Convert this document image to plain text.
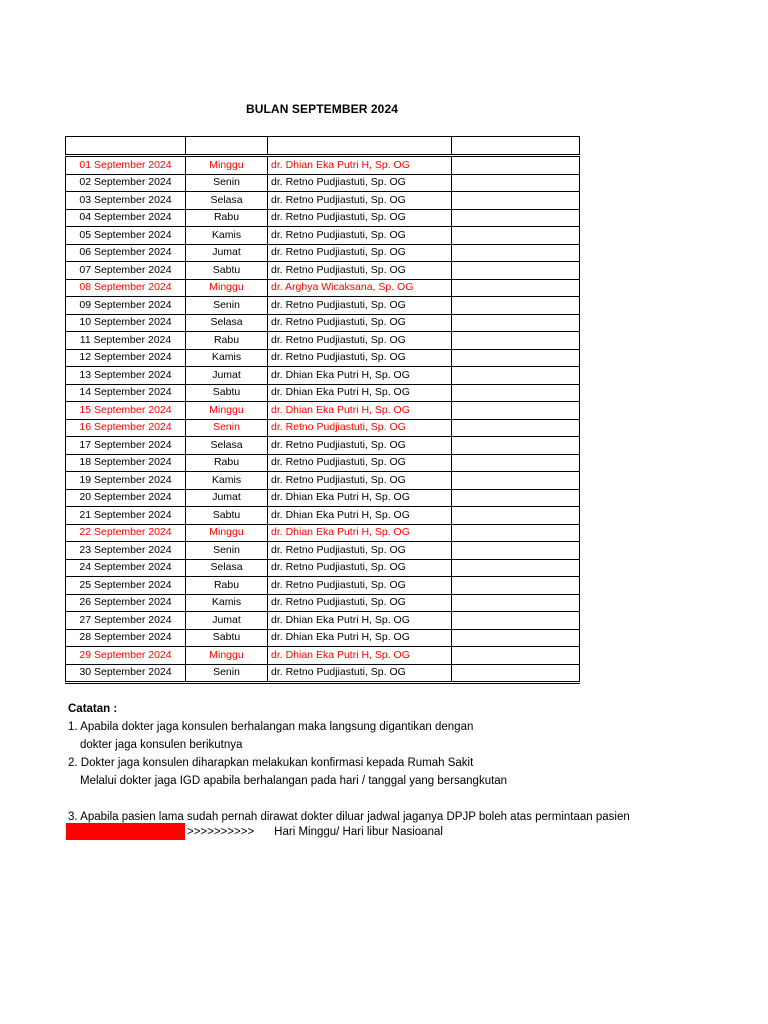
BULAN SEPTEMBER 2024

01 September 2024	Minggu	dr. Dhian Eka Putri H, Sp. OG	
02 September 2024	Senin	dr. Retno Pudjiastuti, Sp. OG	
03 September 2024	Selasa	dr. Retno Pudjiastuti, Sp. OG	
04 September 2024	Rabu	dr. Retno Pudjiastuti, Sp. OG	
05 September 2024	Kamis	dr. Retno Pudjiastuti, Sp. OG	
06 September 2024	Jumat	dr. Retno Pudjiastuti, Sp. OG	
07 September 2024	Sabtu	dr. Retno Pudjiastuti, Sp. OG	
08 September 2024	Minggu	dr. Arghya Wicaksana, Sp. OG	
09 September 2024	Senin	dr. Retno Pudjiastuti, Sp. OG	
10 September 2024	Selasa	dr. Retno Pudjiastuti, Sp. OG	
11 September 2024	Rabu	dr. Retno Pudjiastuti, Sp. OG	
12 September 2024	Kamis	dr. Retno Pudjiastuti, Sp. OG	
13 September 2024	Jumat	dr. Dhian Eka Putri H, Sp. OG	
14 September 2024	Sabtu	dr. Dhian Eka Putri H, Sp. OG	
15 September 2024	Minggu	dr. Dhian Eka Putri H, Sp. OG	
16 September 2024	Senin	dr. Retno Pudjiastuti, Sp. OG	
17 September 2024	Selasa	dr. Retno Pudjiastuti, Sp. OG	
18 September 2024	Rabu	dr. Retno Pudjiastuti, Sp. OG	
19 September 2024	Kamis	dr. Retno Pudjiastuti, Sp. OG	
20 September 2024	Jumat	dr. Dhian Eka Putri H, Sp. OG	
21 September 2024	Sabtu	dr. Dhian Eka Putri H, Sp. OG	
22 September 2024	Minggu	dr. Dhian Eka Putri H, Sp. OG	
23 September 2024	Senin	dr. Retno Pudjiastuti, Sp. OG	
24 September 2024	Selasa	dr. Retno Pudjiastuti, Sp. OG	
25 September 2024	Rabu	dr. Retno Pudjiastuti, Sp. OG	
26 September 2024	Kamis	dr. Retno Pudjiastuti, Sp. OG	
27 September 2024	Jumat	dr. Dhian Eka Putri H, Sp. OG	
28 September 2024	Sabtu	dr. Dhian Eka Putri H, Sp. OG	
29 September 2024	Minggu	dr. Dhian Eka Putri H, Sp. OG	
30 September 2024	Senin	dr. Retno Pudjiastuti, Sp. OG	
Catatan :
1. Apabila dokter jaga konsulen berhalangan maka langsung digantikan dengan
dokter jaga konsulen berikutnya
2. Dokter jaga konsulen diharapkan melakukan konfirmasi kepada Rumah Sakit
Melalui dokter jaga IGD apabila berhalangan pada hari / tanggal yang bersangkutan
3. Apabila pasien lama sudah pernah dirawat dokter diluar jadwal jaganya DPJP boleh atas permintaan pasien
>>>>>>>>>> Hari Minggu/ Hari libur Nasioanal
